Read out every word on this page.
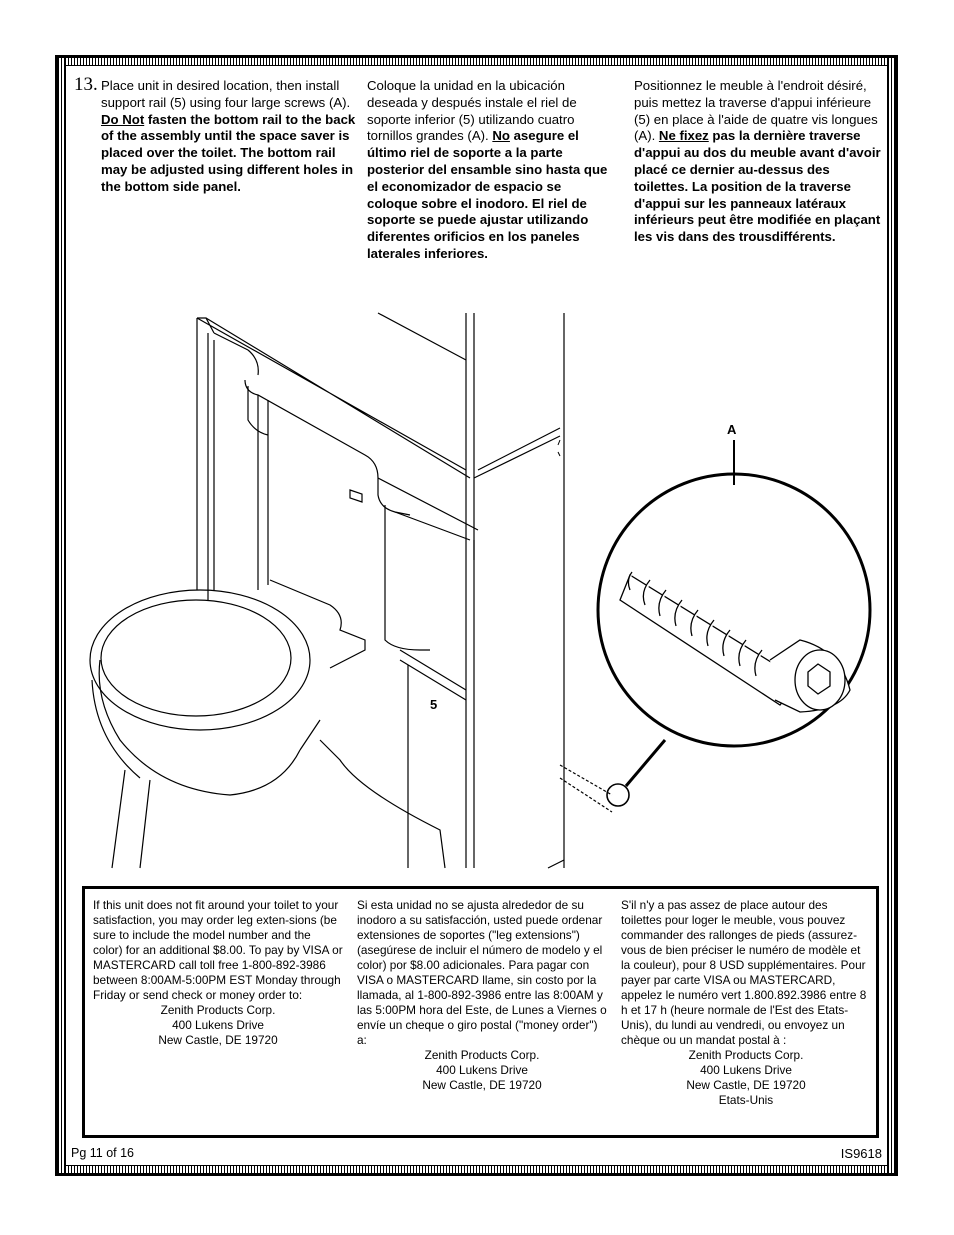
13. Place unit in desired location, then install support rail (5) using four large screws (A). Do Not fasten the bottom rail to the back of the assembly until the space saver is placed over the toilet. The bottom rail may be adjusted using different holes in the bottom side panel.
Coloque la unidad en la ubicación deseada y después instale el riel de soporte inferior (5) utilizando cuatro tornillos grandes (A). No asegure el último riel de soporte a la parte posterior del ensamble sino hasta que el economizador de espacio se coloque sobre el inodoro. El riel de soporte se puede ajustar utilizando diferentes orificios en los paneles laterales inferiores.
Positionnez le meuble à l'endroit désiré, puis mettez la traverse d'appui inférieure (5) en place à l'aide de quatre vis longues (A). Ne fixez pas la dernière traverse d'appui au dos du meuble avant d'avoir placé ce dernier au-dessus des toilettes. La position de la traverse d'appui sur les panneaux latéraux inférieurs peut être modifiée en plaçant les vis dans des trousdifférents.
A
5
If this unit does not fit around your toilet to your satisfaction, you may order leg exten-sions (be sure to include the model number and the color) for an additional $8.00. To pay by VISA or MASTERCARD call toll free 1-800-892-3986 between 8:00AM-5:00PM EST Monday through Friday or send check or money order to:
Zenith Products Corp.
400 Lukens Drive
New Castle, DE 19720
Si esta unidad no se ajusta alrededor de su inodoro a su satisfacción, usted puede ordenar extensiones de soportes ("leg extensions") (asegúrese de incluir el número de modelo y el color) por $8.00 adicionales. Para pagar con VISA o MASTERCARD llame, sin costo por la llamada, al 1-800-892-3986 entre las 8:00AM y las 5:00PM hora del Este, de Lunes a Viernes o envíe un cheque o giro postal ("money order") a:
Zenith Products Corp.
400 Lukens Drive
New Castle, DE 19720
S'il n'y a pas assez de place autour des toilettes pour loger le meuble, vous pouvez commander des rallonges de pieds (assurez-vous de bien préciser le numéro de modèle et la couleur), pour 8 USD supplémentaires. Pour payer par carte VISA ou MASTERCARD, appelez le numéro vert 1.800.892.3986 entre 8 h et 17 h (heure normale de l'Est des Etats-Unis), du lundi au vendredi, ou envoyez un chèque ou un mandat postal à :
Zenith Products Corp.
400 Lukens Drive
New Castle, DE 19720
Etats-Unis
Pg 11 of 16	IS9618
